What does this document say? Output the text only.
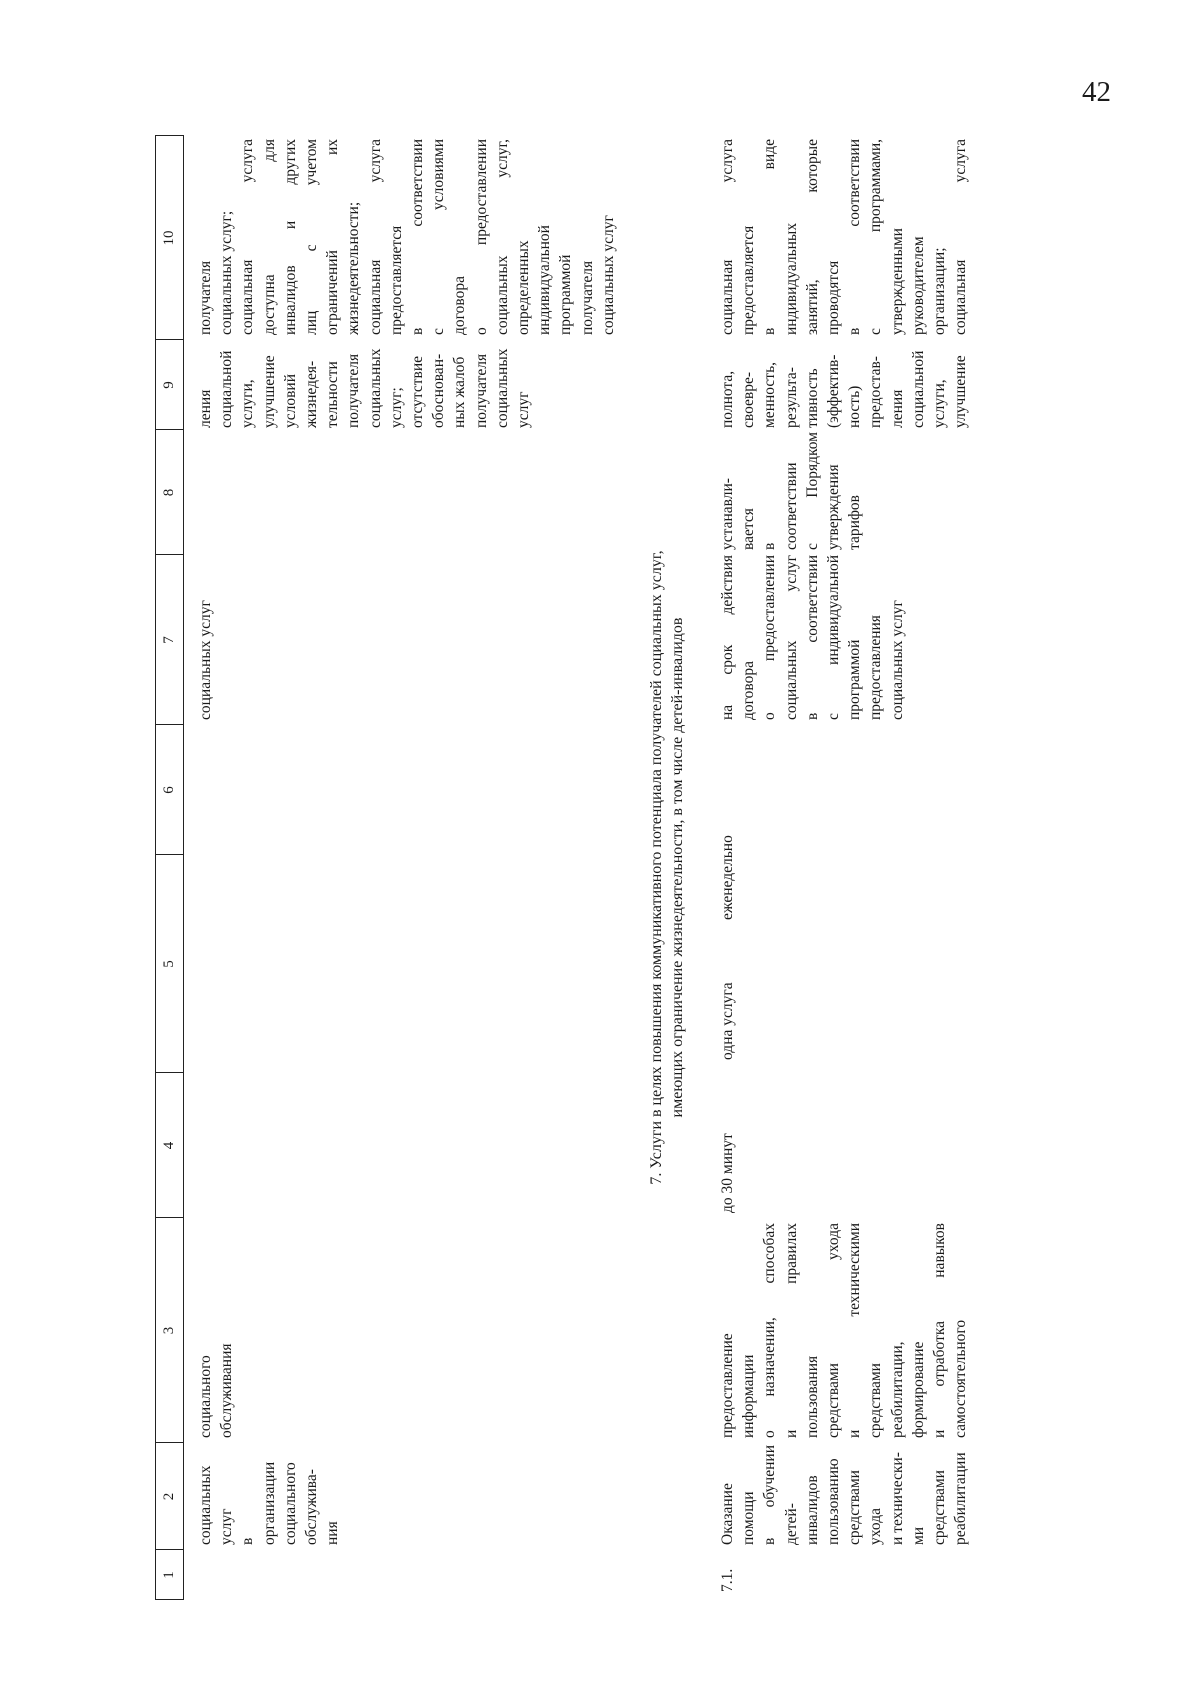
42
1
2
3
4
5
6
7
8
9
10
социальных услуг в организации социального обслужива- ния
социального обслуживания
социальных услуг
ления социальной услуги, улучшение условий жизнедея- тельности получателя социальных услуг; отсутствие обоснован- ных жалоб получателя социальных услуг
получателя социальных услуг; социальная услуга доступна для инвалидов и других лиц с учетом ограничений их жизнедеятельности; социальная услуга предоставляется в соответствии с условиями договора о предоставлении социальных услуг, определенных индивидуальной программой получателя социальных услуг
7. Услуги в целях повышения коммуникативного потенциала получателей социальных услуг, имеющих ограничение жизнедеятельности, в том числе детей-инвалидов
7.1.
Оказание помощи в обучении детей- инвалидов пользованию средствами ухода и технически- ми средствами реабилитации
предоставление информации о назначении, способах и правилах пользования средствами ухода и техническими средствами реабилитации, формирование и отработка навыков самостоятельного
до 30 минут
одна услуга
еженедельно
на срок действия договора о предоставлении социальных услуг в соответствии с индивидуальной программой предоставления социальных услуг
устанавли- вается в соответствии с Порядком утверждения тарифов
полнота, своевре- менность, результа- тивность (эффектив- ность) предостав- ления социальной услуги, улучшение
социальная услуга предоставляется в виде индивидуальных занятий, которые проводятся в соответствии с программами, утвержденными руководителем организации; социальная услуга
